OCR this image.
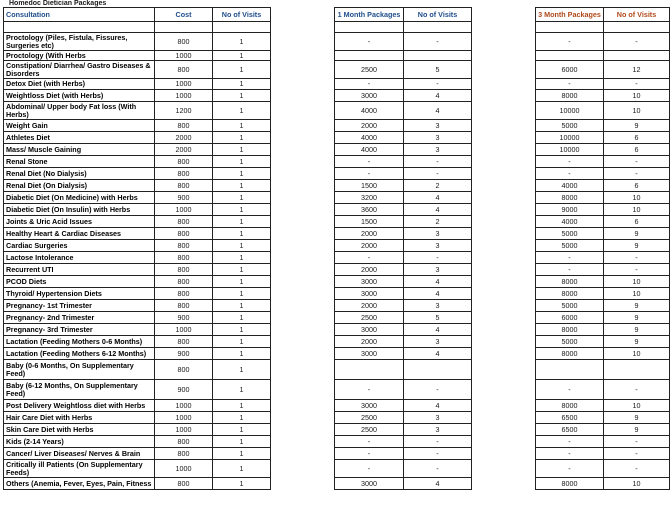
Homedoc Dietician Packages
Consultation	Cost	No of Visits		1 Month Packages	No of Visits		3 Month Packages	No of Visits

Proctology (Piles, Fistula, Fissures, Surgeries etc)	800	1		-	-		-	-
Proctology (With Herbs	1000	1						
Constipation/ Diarrhea/ Gastro Diseases & Disorders	800	1		2500	5		6000	12
Detox Diet (with Herbs)	1000	1		-	-		-	-
Weightloss Diet (with Herbs)	1000	1		3000	4		8000	10
Abdominal/ Upper body Fat loss (With Herbs)	1200	1		4000	4		10000	10
Weight Gain	800	1		2000	3		5000	9
Athletes Diet	2000	1		4000	3		10000	6
Mass/ Muscle Gaining	2000	1		4000	3		10000	6
Renal Stone	800	1		-	-		-	-
Renal Diet (No Dialysis)	800	1		-	-		-	-
Renal Diet (On Dialysis)	800	1		1500	2		4000	6
Diabetic Diet (On Medicine) with Herbs	900	1		3200	4		8000	10
Diabetic Diet (On Insulin) with Herbs	1000	1		3600	4		9000	10
Joints & Uric Acid Issues	800	1		1500	2		4000	6
Healthy Heart & Cardiac Diseases	800	1		2000	3		5000	9
Cardiac Surgeries	800	1		2000	3		5000	9
Lactose Intolerance	800	1		-	-		-	-
Recurrent UTI	800	1		2000	3		-	-
PCOD Diets	800	1		3000	4		8000	10
Thyroid/ Hypertension Diets	800	1		3000	4		8000	10
Pregnancy- 1st Trimester	800	1		2000	3		5000	9
Pregnancy- 2nd Trimester	900	1		2500	5		6000	9
Pregnancy- 3rd Trimester	1000	1		3000	4		8000	9
Lactation (Feeding Mothers 0-6 Months)	800	1		2000	3		5000	9
Lactation (Feeding Mothers 6-12 Months)	900	1		3000	4		8000	10
Baby (0-6 Months, On Supplementary Feed)	800	1						
Baby (6-12 Months, On Supplementary Feed)	900	1		-	-		-	-
Post Delivery Weightloss diet with Herbs	1000	1		3000	4		8000	10
Hair Care Diet with Herbs	1000	1		2500	3		6500	9
Skin Care Diet with Herbs	1000	1		2500	3		6500	9
Kids (2-14 Years)	800	1		-	-		-	-
Cancer/ Liver Diseases/ Nerves & Brain	800	1		-	-		-	-
Critically ill Patients (On Supplementary Feeds)	1000	1		-	-		-	-
Others (Anemia, Fever, Eyes, Pain, Fitness	800	1		3000	4		8000	10
